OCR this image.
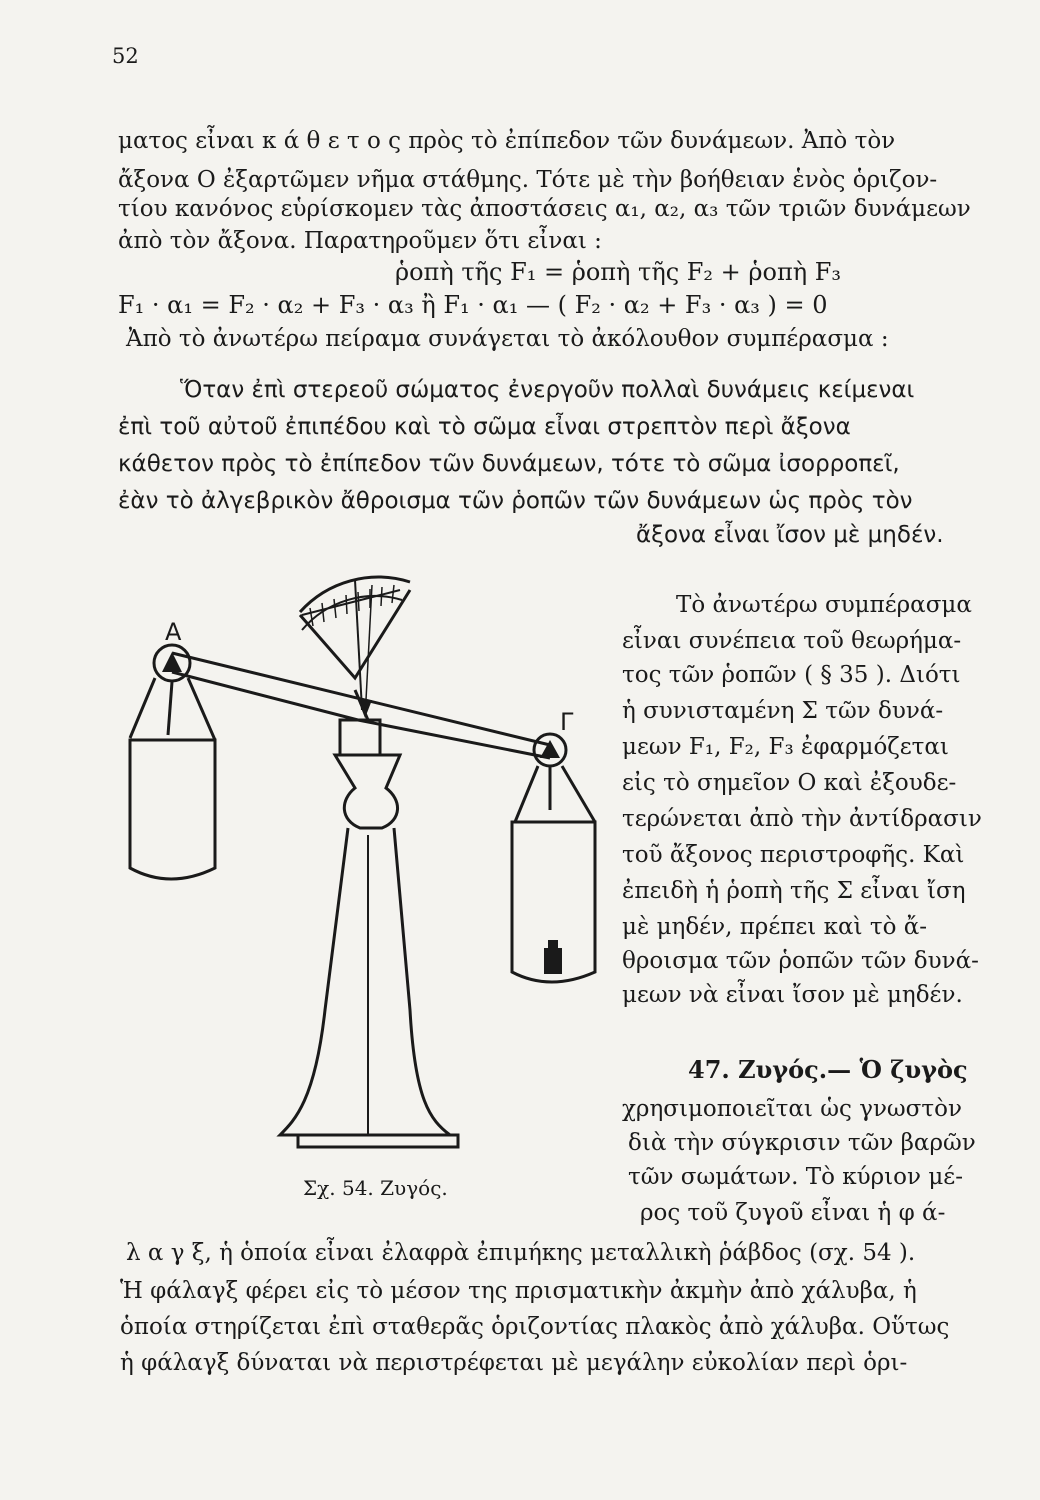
52
ματος εἶναι κ ά θ ε τ ο ς πρὸς τὸ ἐπίπεδον τῶν δυνάμεων. Ἀπὸ τὸν
ἄξονα Ο ἐξαρτῶμεν νῆμα στάθμης. Τότε μὲ τὴν βοήθειαν ἑνὸς ὁριζον-
τίου κανόνος εὑρίσκομεν τὰς ἀποστάσεις α₁, α₂, α₃ τῶν τριῶν δυνάμεων
ἀπὸ τὸν ἄξονα. Παρατηροῦμεν ὅτι εἶναι :
ῥοπὴ τῆς F₁ = ῥοπὴ τῆς F₂ + ῥοπὴ F₃
F₁ · α₁ = F₂ · α₂ + F₃ · α₃ ἢ F₁ · α₁ — ( F₂ · α₂ + F₃ · α₃ ) = 0
Ἀπὸ τὸ ἀνωτέρω πείραμα συνάγεται τὸ ἀκόλουθον συμπέρασμα :
Ὅταν ἐπὶ στερεοῦ σώματος ἐνεργοῦν πολλαὶ δυνάμεις κείμεναι
ἐπὶ τοῦ αὐτοῦ ἐπιπέδου καὶ τὸ σῶμα εἶναι στρεπτὸν περὶ ἄξονα
κάθετον πρὸς τὸ ἐπίπεδον τῶν δυνάμεων, τότε τὸ σῶμα ἰσορροπεῖ,
ἐὰν τὸ ἀλγεβρικὸν ἄθροισμα τῶν ῥοπῶν τῶν δυνάμεων ὡς πρὸς τὸν
ἄξονα εἶναι ἴσον μὲ μηδέν.
Τὸ ἀνωτέρω συμπέρασμα
εἶναι συνέπεια τοῦ θεωρήμα-
τος τῶν ῥοπῶν ( § 35 ). Διότι
ἡ συνισταμένη Σ τῶν δυνά-
μεων F₁, F₂, F₃ ἐφαρμόζεται
εἰς τὸ σημεῖον Ο καὶ ἐξουδε-
τερώνεται ἀπὸ τὴν ἀντίδρασιν
τοῦ ἄξονος περιστροφῆς. Καὶ
ἐπειδὴ ἡ ῥοπὴ τῆς Σ εἶναι ἴση
μὲ μηδέν, πρέπει καὶ τὸ ἄ-
θροισμα τῶν ῥοπῶν τῶν δυνά-
μεων νὰ εἶναι ἴσον μὲ μηδέν.
47. Ζυγός.— Ὁ ζυγὸς
χρησιμοποιεῖται ὡς γνωστὸν
διὰ τὴν σύγκρισιν τῶν βαρῶν
τῶν σωμάτων. Τὸ κύριον μέ-
ρος τοῦ ζυγοῦ εἶναι ἡ φ ά-
λ α γ ξ, ἡ ὁποία εἶναι ἐλαφρὰ ἐπιμήκης μεταλλικὴ ῥάβδος (σχ. 54 ).
Ἡ φάλαγξ φέρει εἰς τὸ μέσον της πρισματικὴν ἀκμὴν ἀπὸ χάλυβα, ἡ
ὁποία στηρίζεται ἐπὶ σταθερᾶς ὁριζοντίας πλακὸς ἀπὸ χάλυβα. Οὕτως
ἡ φάλαγξ δύναται νὰ περιστρέφεται μὲ μεγάλην εὐκολίαν περὶ ὁρι-
Α
Γ
Σχ. 54. Ζυγός.
